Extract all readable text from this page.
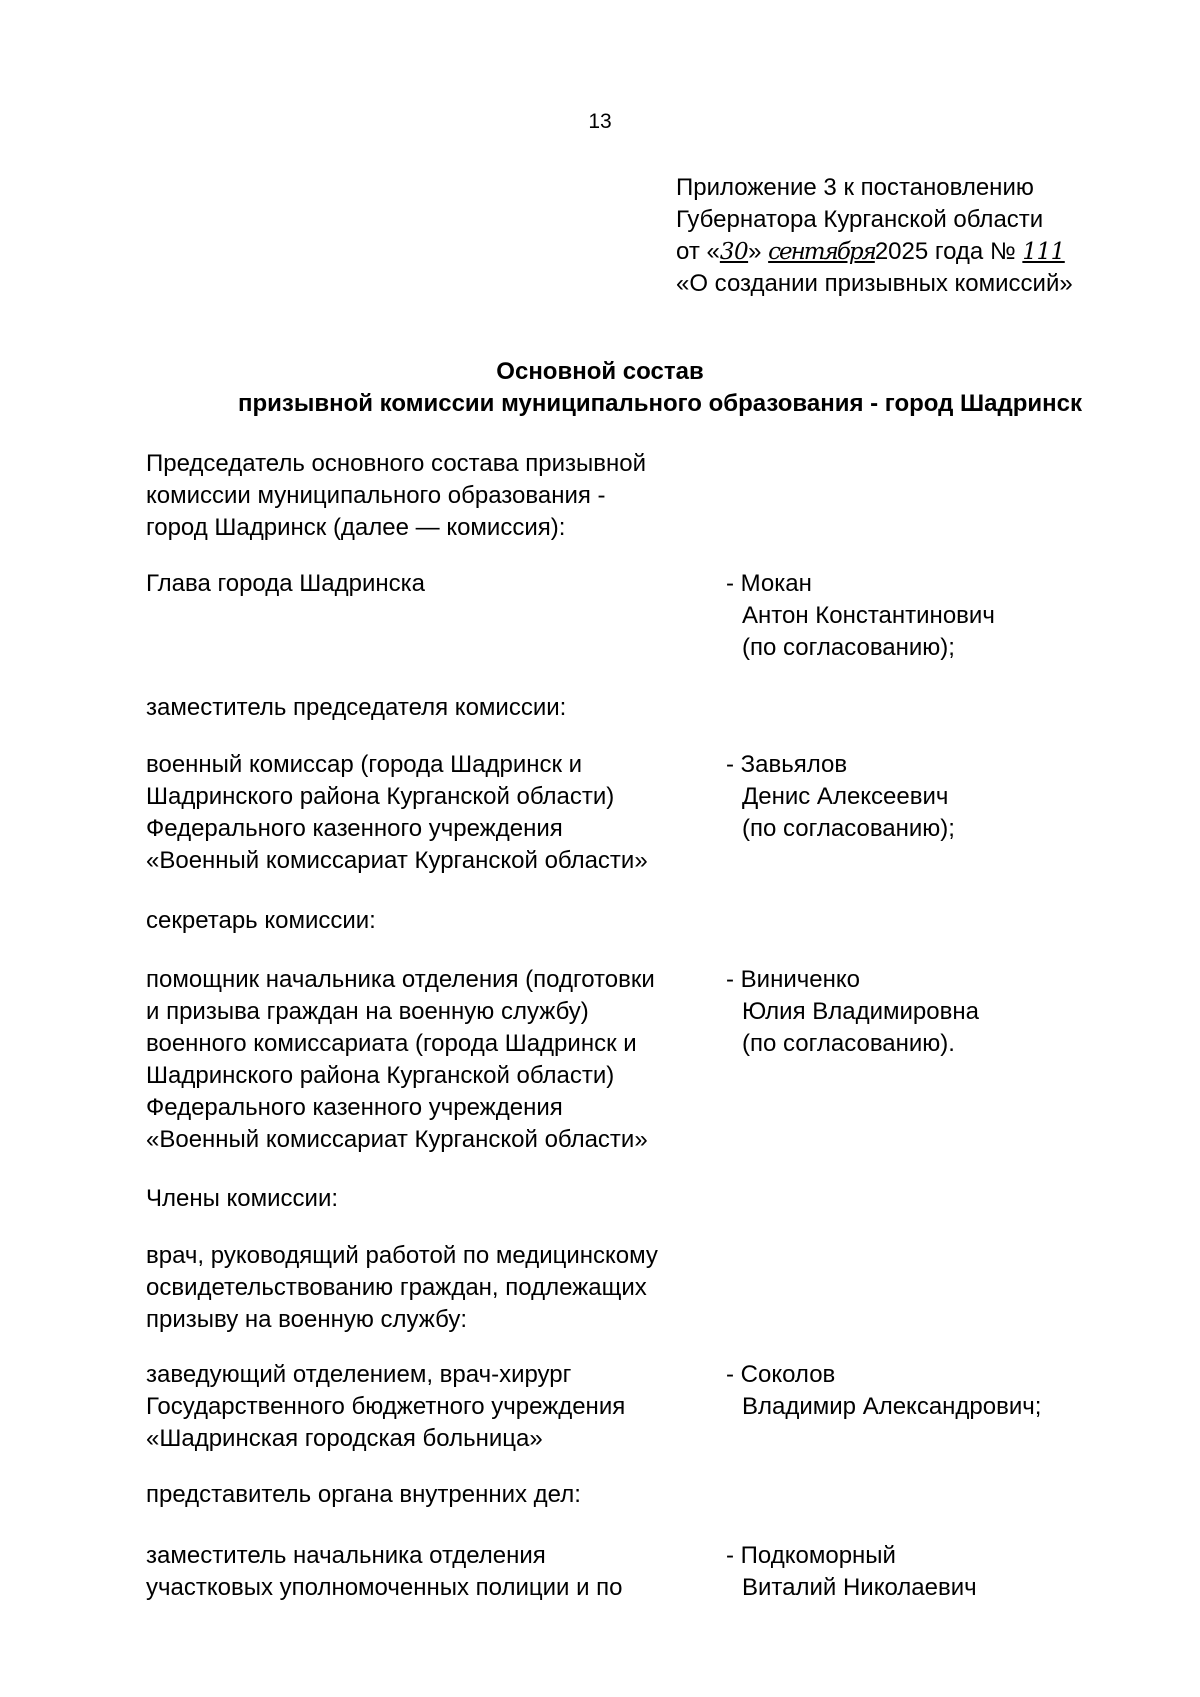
13
Приложение 3 к постановлению
Губернатора Курганской области
от «30» сентября2025 года № 111
«О создании призывных комиссий»
Основной состав
призывной комиссии муниципального образования - город Шадринск
Председатель основного состава призывной
комиссии муниципального образования -
город Шадринск (далее — комиссия):
Глава города Шадринска	- Мокан
Антон Константинович
(по согласованию);
заместитель председателя комиссии:
военный комиссар (города Шадринск и
Шадринского района Курганской области)
Федерального казенного учреждения
«Военный комиссариат Курганской области»
- Завьялов
Денис Алексеевич
(по согласованию);
секретарь комиссии:
помощник начальника отделения (подготовки
и призыва граждан на военную службу)
военного комиссариата (города Шадринск и
Шадринского района Курганской области)
Федерального казенного учреждения
«Военный комиссариат Курганской области»
- Виниченко
Юлия Владимировна
(по согласованию).
Члены комиссии:
врач, руководящий работой по медицинскому
освидетельствованию граждан, подлежащих
призыву на военную службу:
заведующий отделением, врач-хирург
Государственного бюджетного учреждения
«Шадринская городская больница»
- Соколов
Владимир Александрович;
представитель органа внутренних дел:
заместитель начальника отделения
участковых уполномоченных полиции и по
- Подкоморный
Виталий Николаевич
